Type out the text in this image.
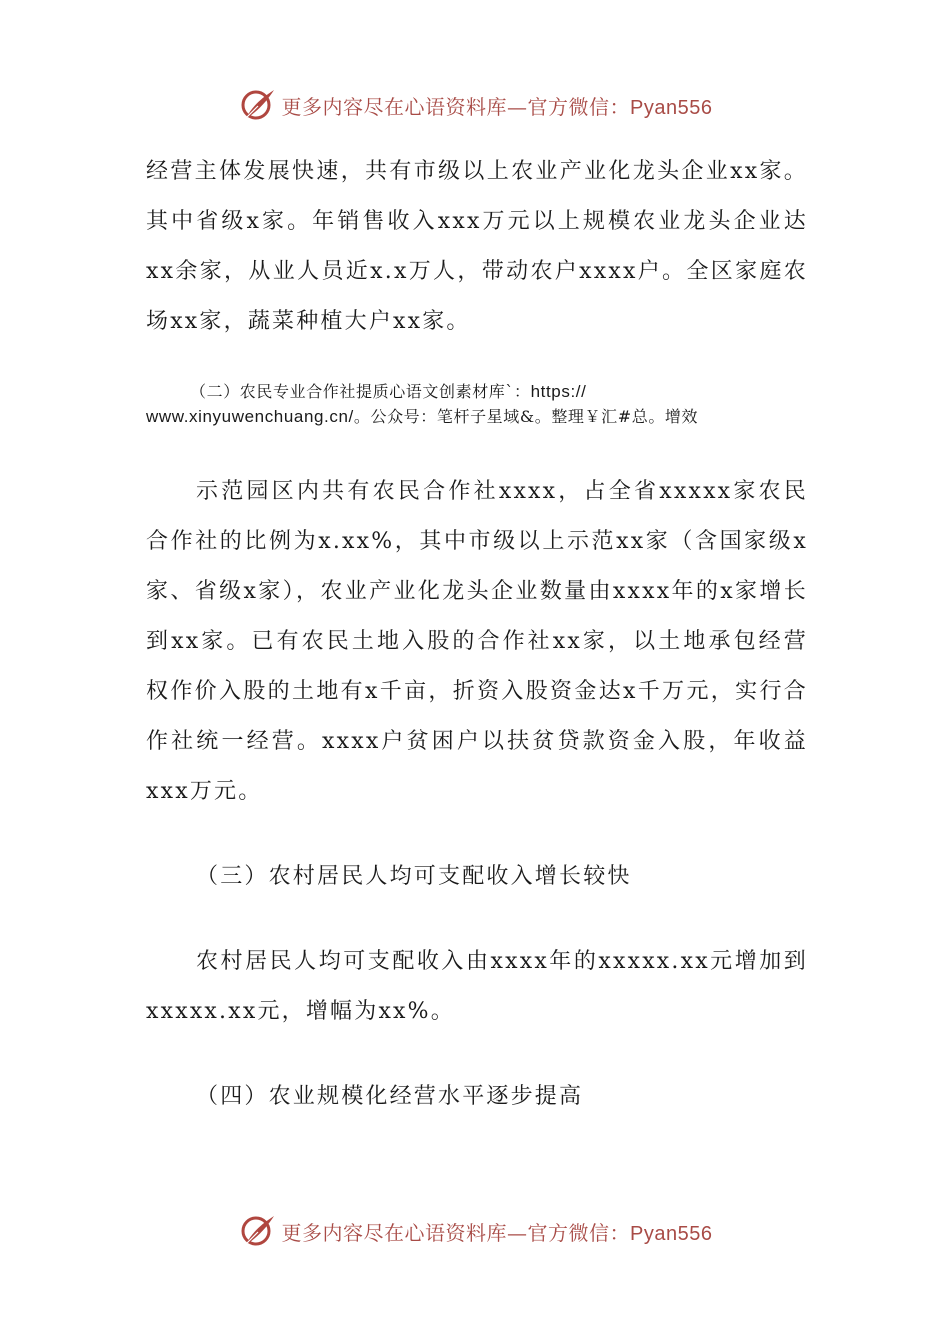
更多内容尽在心语资料库—官方微信：Pyan556

经营主体发展快速，共有市级以上农业产业化龙头企业xx家。其中省级x家。年销售收入xxx万元以上规模农业龙头企业达xx余家，从业人员近x.x万人，带动农户xxxx户。全区家庭农场xx家，蔬菜种植大户xx家。

（二）农民专业合作社提质心语文创素材库`：https://
www.xinyuwenchuang.cn/。公众号：笔杆子星域&。整理￥汇#总。增效

示范园区内共有农民合作社xxxx，占全省xxxxx家农民合作社的比例为x.xx%，其中市级以上示范xx家（含国家级x家、省级x家），农业产业化龙头企业数量由xxxx年的x家增长到xx家。已有农民土地入股的合作社xx家，以土地承包经营权作价入股的土地有x千亩，折资入股资金达x千万元，实行合作社统一经营。xxxx户贫困户以扶贫贷款资金入股，年收益xxx万元。

（三）农村居民人均可支配收入增长较快

农村居民人均可支配收入由xxxx年的xxxxx.xx元增加到xxxxx.xx元，增幅为xx%。

（四）农业规模化经营水平逐步提高

更多内容尽在心语资料库—官方微信：Pyan556
